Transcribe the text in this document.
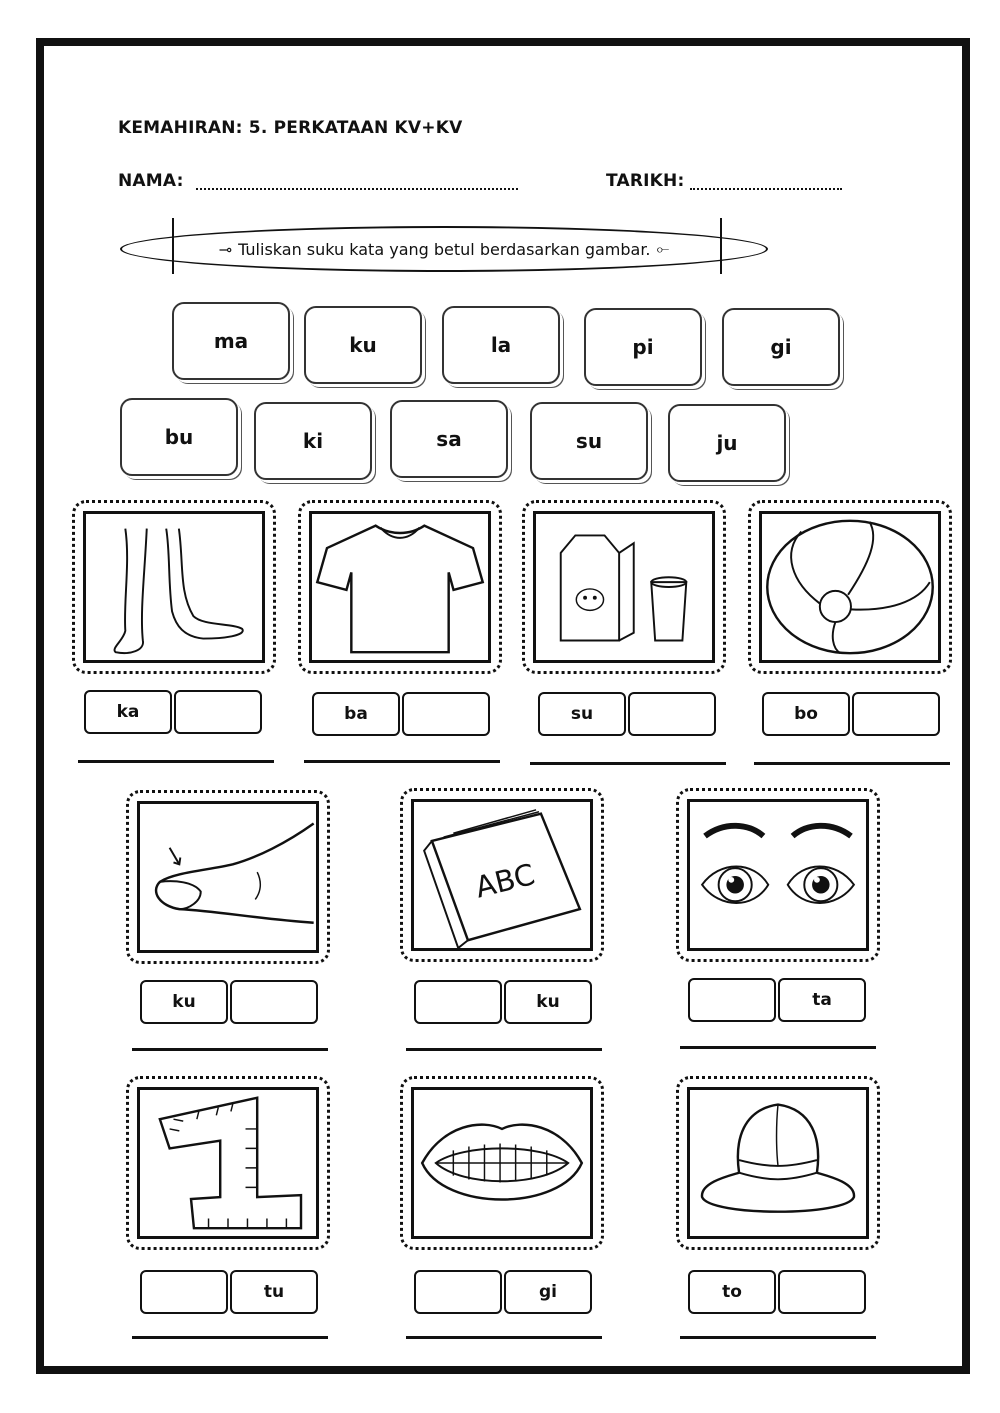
KEMAHIRAN: 5. PERKATAAN KV+KV
NAMA:	TARIKH:
⊸ Tuliskan suku kata yang betul berdasarkan gambar. ⟜
ma	ku	la	pi	gi
bu	ki	sa	su	ju
ka	ba	su	bo
ABC
ku	ku	ta
tu	gi	to
